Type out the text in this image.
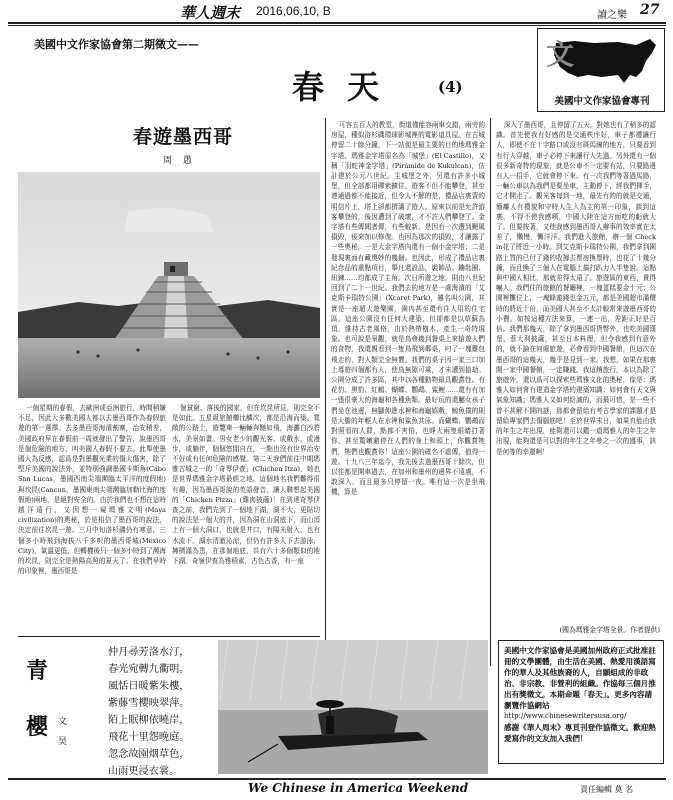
華人週末 2016,06,10, B	讀之樂 27
美國中文作家協會第二期徵文——
春 天	(4)
文
美國中文作家協會專刊
春遊墨西哥
周 愚

一個星期的春假，去歐洲或亞洲旅行，時間稍嫌不足，因此大多數美國人都以去墨西哥作為春假旅遊的第一選擇。去多墨西哥海濱割寨，治安稍差，美國政府早在春假前一周就發出了警告，說墨西哥是個危險的地方，叫美國人春假不要去。此舉使墨國人為反感，認爲是對墨觀光業的傷大傷害，除了堅斥美國的說法外，並特別強調墨國卡斯角(Cabo San Lucas，墨國西南尖端瀕臨太平洋的度假地)與坎昆(Cancun，墨國東南尖端瀕臨加勒比海的度假地)兩地，是絕對安全的。由於我們也不想在這時越洋遠行，又因想一窺瑪雅文明(Maya civilization)的奧秘，於是相信了墨西哥的說法，決定前往坎昆一遊。三月中旬洛杉磯仍有寒意，三個多小時飛到海拔八千多呎的墨西哥城(Mexico City)，氣溫更低，但轉機後只一個多小時到了瀕海的坎昆，則完全是熱陽高照的夏天了。在我們早時的印象裡，墨西哥是

個貧窮、落後的國家，但在坎昆所見，則完全不是如此。五星級旅館櫛比鱗次，都是沿海而築。寬敞的公路上，遊覽車一輛輛奔馳如飛，海灘白沙碧水，美景如畫。男女老少的觀光客，或戲水，或漫步，或躺伴，個個悠閒自在，一點也沒有世界治安不好或有任何危險的感覺。第二天我們前往中期瑪雅古城之一的「奇琴伊查」(Chichen Itza)，她也是世界瑪雅金字塔最經之地。這個地名我們難得很有趣，因為墨西哥說的英語發音，讓人聯想起美國的「Chicken Pizza」(雞肉披薩)！在到達奇琴伊查之前，我們先到了一個地下湖，湖不大，更貼切的說法是一個大的井，因為洞在山洞底下，而山頂上有一個大洞口，也就是井口，有陽光射入，也有水流下。湖水清澈沁涼，但仍有許多人下去游泳，擁擠滿為患，在那個地底，共有六十多個類似的地下湖。奇嶺伊查為雅積素，古色古香，有一座

可容五百人的教堂，街道僅能容兩車交錯，兩旁的房屋，種似浴杉磯環球影城裡的電影道具屋。在古城停留二十餘分鐘，下一站便是最主要的目的地瑪雅金字塔。瑪雅金字塔原名為「城堡」(El Castillo)，又稱「羽蛇神金字塔」(Pirámide de Kukulcan)，估計建於公元八世紀。主城堡之外，另還有許多小城堡，但全部都用礫索擴住，遊客不但不能攀登，甚至連通過都不能接近，但令人不解的是，禮品店裏賣的明信片上，塔上卻都擠滿了遊人。原來以前是允許游客攀登的，後因遭到了破壞，才不許人們攀登了。金字塔有些傳聞者傳，有些較新，是因有一次遭到颶風損毁，後來加以修復。也因為那次的損毁，才讓露了一些奧秘，一是大金字塔內還有一個小金字塔；二是發現裏面有藏奧妙的幾個。也因此，形成了禮品店裏紀念品的重點項目，舉凡還設品，裝飾品、鑰匙圈、紐鍊……均都成了主角。次日所遊之地，則由八世紀回到了二十一世紀。我們去的地方是一處海濱的「艾克斯卡瑞特公園」(Xcaret Park)，雖名叫公園，其實是一座超大遊樂園，園內甚至還有住人用的住宅區。這座公園沒有任何大建築，但卻都是以草蘇為頂，維持古老風格，由於熱帶樹木，產生一奇特現象。也可說是景觀，就是鳥會幾到餐桌上來搶遊人們的食物，我還親看到一隻鳥飛到鄰桌，叼了一塊雞包飛走的，對人類完全無懼。我們的桌子因一家三口加上導遊四個都有人，使鳥無隙可乘，才未遭到搶劫。公園分成了許多區，其中以各種動物最具觀賞性。有花豹、黑豹、紅鶴、蝴蝶、鸚鵡、鯊鯉……還有有加一張很豪大的海龜和各種魚類。最好玩的還屬女孩子們坐在池邊，無腳伸進水裡和海龜嬉戲，鯨魚撲的則是大膽的年輕人在水裡和鯊魚共泳。而蝴蝶、鸚鵡而對照看的人群，點都不害怕，也睜大兩隻眼睛打著你，甚至驚嫩避停在人們的身上和頭上，你觀賞牠們，牠們也觀賞你！這座公園的確名不虛傳，值得一遊。十九八三年迄今，我先後去過墨西哥十餘次，但以往都是開車過去，在加州和墨州的邊界不遠處，不敢深入，而且最多只停留一夜。唯有這一次是坐飛機，算是

深入了墨西哥，且停留了五天，對她也有了稍多的認識。首先使我有好感的是交通秩序好，車子都禮讓行人，即使不在十字路口或沒有斑馬線的地方，只要看到有行人穿越，車子必停下來讓行人先過。另外還有一個很多新奇特的現象，就是公車不一定要有站，只要路邊有人一招手，它就會停下來。有一次我們等著過馬路，一輛公車以為我們是要坐車，主動停下，經我們揮手，它才開走了。觀光客每到一地，最先有的的就是交通，簡離人有禮貌和守時人生入為主的第一印象，談到這裏，不得不使我感嘆，中國大陸在這方面吃的虧就大了。但要按著，又使我感到墨西哥人辦事的效率實在太差了，懶慢，懶洋洋。我們進入旅館，辦一個 Check in花了將近一小時。到艾克斯卡瑞特公園，我們拿到園路上買的已付了錢的收據去票房換票時，也花了十幾分鐘，而且換了三個人在電腦上搞打趴力入半隻說。這點與中國人相比，那就差得太遠了。旅遊區的東西，貴得嚇人。我們住的旅館的餐廳裡，一塊蛋糕要金十元；公園裡攤位上，一塊蜂蜜錢也金五元，都是美國超市滿價時的將近十倍，而美國人甚至不太計較常來遊墨西哥的小費。如按這種方法來算，一連一出，差距正好是百倍。我們那幾天，除了拿到墨西哥貨幣外，也吃美國漢堡，惹大利披薩，甚至日本料理，但令我感到有意外的，就不論在何處旅遊，必會看到中國餐館，但這次在墨西哥的這幾天，幾乎是見到一家。我想，如果在那裏開一家中國餐館，一定賺錢。我這趟旅行，本以為除了旅遊外，還以爲可以探索些瑪雅文化的奧秘，像是：瑪雅人如何會有建造金字塔的建築知識；如何會有天文與氣象知識；瑪雅人又如何紛滅的，而最可惜，是一些不曾不甚解不開的謎，那都會留給有考古學家的課題才是留給專家們去傷腦筋吧！至於世界末日，如果真能由我的年生之年出現，能夠還可以鑑一道瑪雅人的年生之年出現，能夠還是可以對的年生之年參之一次的盛事，該是何等的幸運啊！

(國為瑪雅金字塔全景。作者提供)
美國中文作家協會是美國加州政府正式批准註冊的文學團體，由生活在美國、熱愛用漢語寫作的華人及其他族裔的人，自願組成的非政治、非宗教、非營利的組織。作協每三個月推出有獎徵文。本期命題「春天」。更多內容請瀏覽作協網站
http://www.chinesewritersusa.org/
感謝《華人周末》專頁刊登作協徵文。歡迎熱愛寫作的文友加入我們！
青
櫻 文 昊
仲月尋芳洛水汀，
春光宛轉九衢明。
風恬日暖紫朱樓，
紫藤雪櫻映翠萍。
陌上眠柳依曉岸，
飛花十里怨晚庭。
忽念故園烟草色，
山雨更浸衣裳。
We Chinese in America Weekend	責任編輯 莫 名
